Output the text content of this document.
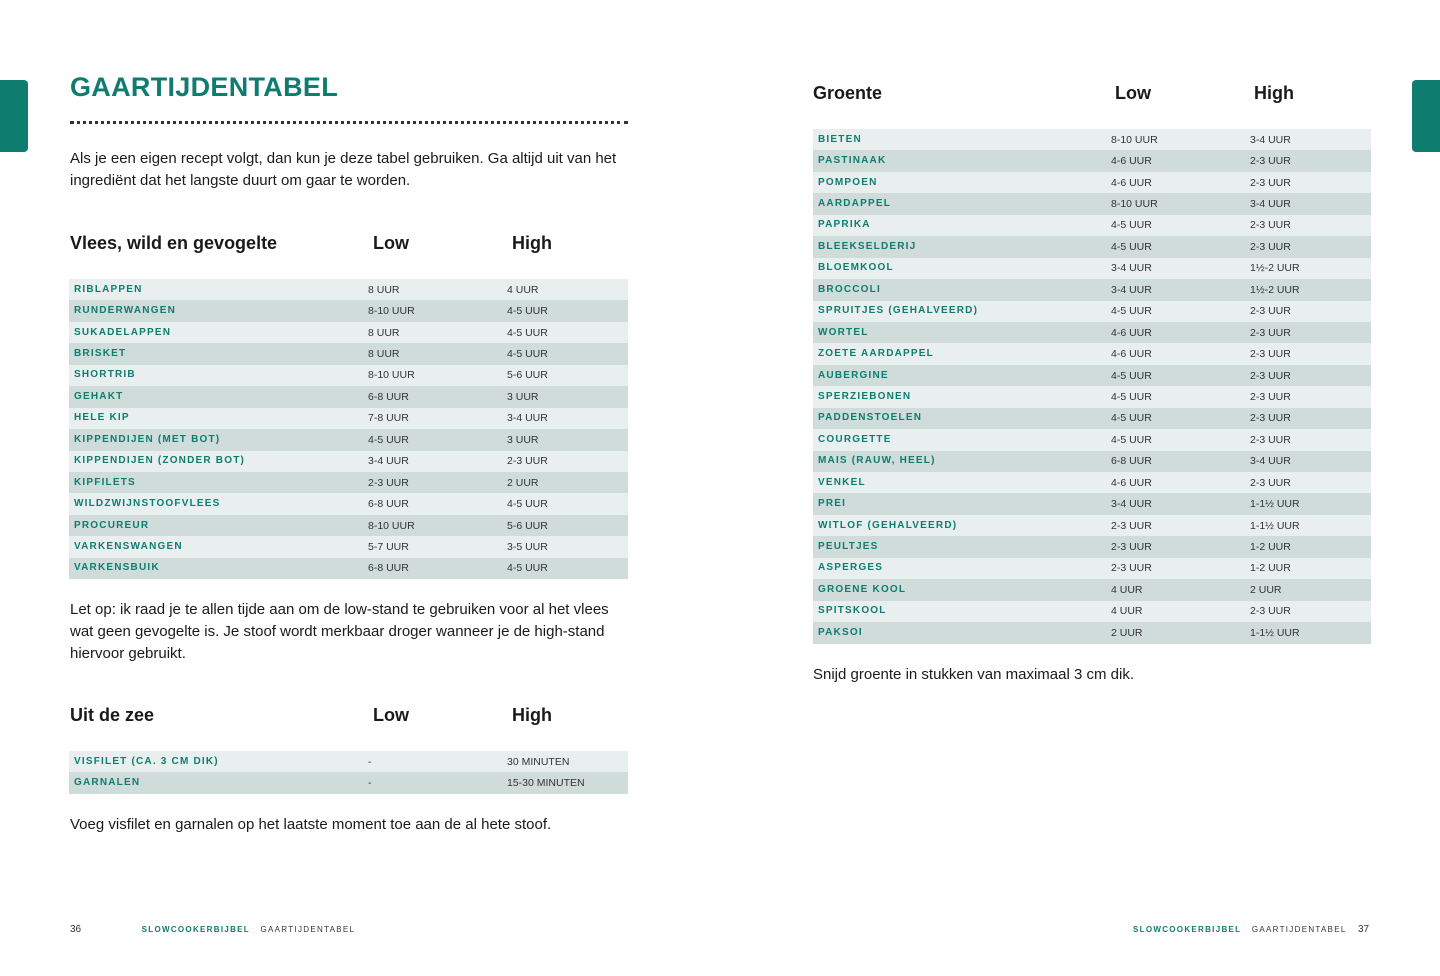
GAARTIJDENTABEL

Als je een eigen recept volgt, dan kun je deze tabel gebruiken. Ga altijd uit van het ingrediënt dat het langste duurt om gaar te worden.

Vlees, wild en gevogelte	Low	High
RIBLAPPEN	8 UUR	4 UUR
RUNDERWANGEN	8-10 UUR	4-5 UUR
SUKADELAPPEN	8 UUR	4-5 UUR
BRISKET	8 UUR	4-5 UUR
SHORTRIB	8-10 UUR	5-6 UUR
GEHAKT	6-8 UUR	3 UUR
HELE KIP	7-8 UUR	3-4 UUR
KIPPENDIJEN (MET BOT)	4-5 UUR	3 UUR
KIPPENDIJEN (ZONDER BOT)	3-4 UUR	2-3 UUR
KIPFILETS	2-3 UUR	2 UUR
WILDZWIJNSTOOFVLEES	6-8 UUR	4-5 UUR
PROCUREUR	8-10 UUR	5-6 UUR
VARKENSWANGEN	5-7 UUR	3-5 UUR
VARKENSBUIK	6-8 UUR	4-5 UUR

Let op: ik raad je te allen tijde aan om de low-stand te gebruiken voor al het vlees wat geen gevogelte is. Je stoof wordt merkbaar droger wanneer je de high-stand hiervoor gebruikt.

Uit de zee	Low	High
VISFILET (CA. 3 CM DIK)	-	30 MINUTEN
GARNALEN	-	15-30 MINUTEN

Voeg visfilet en garnalen op het laatste moment toe aan de al hete stoof.

36	SLOWCOOKERBIJBEL GAARTIJDENTABEL
Groente	Low	High
BIETEN	8-10 UUR	3-4 UUR
PASTINAAK	4-6 UUR	2-3 UUR
POMPOEN	4-6 UUR	2-3 UUR
AARDAPPEL	8-10 UUR	3-4 UUR
PAPRIKA	4-5 UUR	2-3 UUR
BLEEKSELDERIJ	4-5 UUR	2-3 UUR
BLOEMKOOL	3-4 UUR	1½-2 UUR
BROCCOLI	3-4 UUR	1½-2 UUR
SPRUITJES (GEHALVEERD)	4-5 UUR	2-3 UUR
WORTEL	4-6 UUR	2-3 UUR
ZOETE AARDAPPEL	4-6 UUR	2-3 UUR
AUBERGINE	4-5 UUR	2-3 UUR
SPERZIEBONEN	4-5 UUR	2-3 UUR
PADDENSTOELEN	4-5 UUR	2-3 UUR
COURGETTE	4-5 UUR	2-3 UUR
MAIS (RAUW, HEEL)	6-8 UUR	3-4 UUR
VENKEL	4-6 UUR	2-3 UUR
PREI	3-4 UUR	1-1½ UUR
WITLOF (GEHALVEERD)	2-3 UUR	1-1½ UUR
PEULTJES	2-3 UUR	1-2 UUR
ASPERGES	2-3 UUR	1-2 UUR
GROENE KOOL	4 UUR	2 UUR
SPITSKOOL	4 UUR	2-3 UUR
PAKSOI	2 UUR	1-1½ UUR

Snijd groente in stukken van maximaal 3 cm dik.

SLOWCOOKERBIJBEL GAARTIJDENTABEL 37
